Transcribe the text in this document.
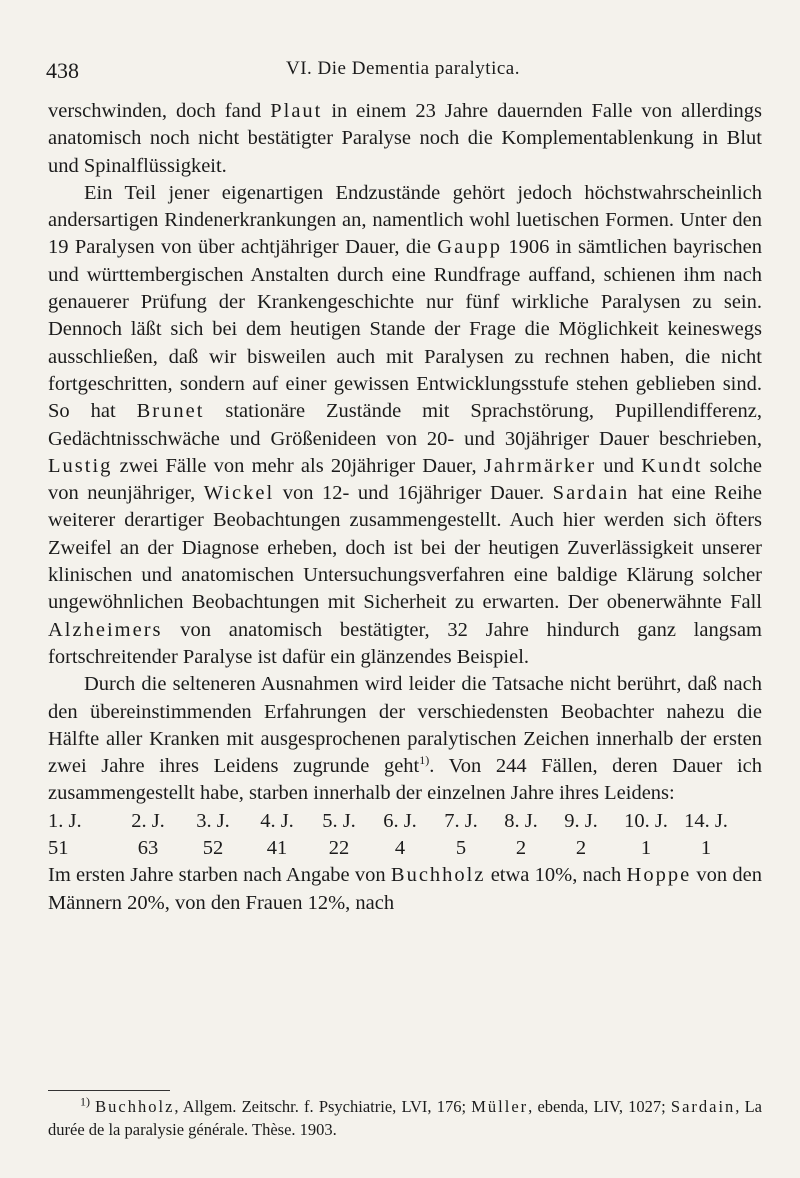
438	VI. Die Dementia paralytica.

verschwinden, doch fand Plaut in einem 23 Jahre dauernden Falle von allerdings anatomisch noch nicht bestätigter Paralyse noch die Komplementablenkung in Blut und Spinalflüssigkeit.

Ein Teil jener eigenartigen Endzustände gehört jedoch höchstwahrscheinlich andersartigen Rindenerkrankungen an, namentlich wohl luetischen Formen. Unter den 19 Paralysen von über achtjähriger Dauer, die Gaupp 1906 in sämtlichen bayrischen und württembergischen Anstalten durch eine Rundfrage auffand, schienen ihm nach genauerer Prüfung der Krankengeschichte nur fünf wirkliche Paralysen zu sein. Dennoch läßt sich bei dem heutigen Stande der Frage die Möglichkeit keineswegs ausschließen, daß wir bisweilen auch mit Paralysen zu rechnen haben, die nicht fortgeschritten, sondern auf einer gewissen Entwicklungsstufe stehen geblieben sind. So hat Brunet stationäre Zustände mit Sprachstörung, Pupillendifferenz, Gedächtnisschwäche und Größenideen von 20- und 30jähriger Dauer beschrieben, Lustig zwei Fälle von mehr als 20jähriger Dauer, Jahrmärker und Kundt solche von neunjähriger, Wickel von 12- und 16jähriger Dauer. Sardain hat eine Reihe weiterer derartiger Beobachtungen zusammengestellt. Auch hier werden sich öfters Zweifel an der Diagnose erheben, doch ist bei der heutigen Zuverlässigkeit unserer klinischen und anatomischen Untersuchungsverfahren eine baldige Klärung solcher ungewöhnlichen Beobachtungen mit Sicherheit zu erwarten. Der obenerwähnte Fall Alzheimers von anatomisch bestätigter, 32 Jahre hindurch ganz langsam fortschreitender Paralyse ist dafür ein glänzendes Beispiel.

Durch die selteneren Ausnahmen wird leider die Tatsache nicht berührt, daß nach den übereinstimmenden Erfahrungen der verschiedensten Beobachter nahezu die Hälfte aller Kranken mit ausgesprochenen paralytischen Zeichen innerhalb der ersten zwei Jahre ihres Leidens zugrunde geht$^{1)}$. Von 244 Fällen, deren Dauer ich zusammengestellt habe, starben innerhalb der einzelnen Jahre ihres Leidens:

1. J.	2. J.	3. J.	4. J.	5. J.	6. J.	7. J.	8. J.	9. J.	10. J. 14. J.
51	63	52	41	22	4	5	2	2	1	1

Im ersten Jahre starben nach Angabe von Buchholz etwa 10%, nach Hoppe von den Männern 20%, von den Frauen 12%, nach

$^{1)}$ Buchholz, Allgem. Zeitschr. f. Psychiatrie, LVI, 176; Müller, ebenda, LIV, 1027; Sardain, La durée de la paralysie générale. Thèse. 1903.
